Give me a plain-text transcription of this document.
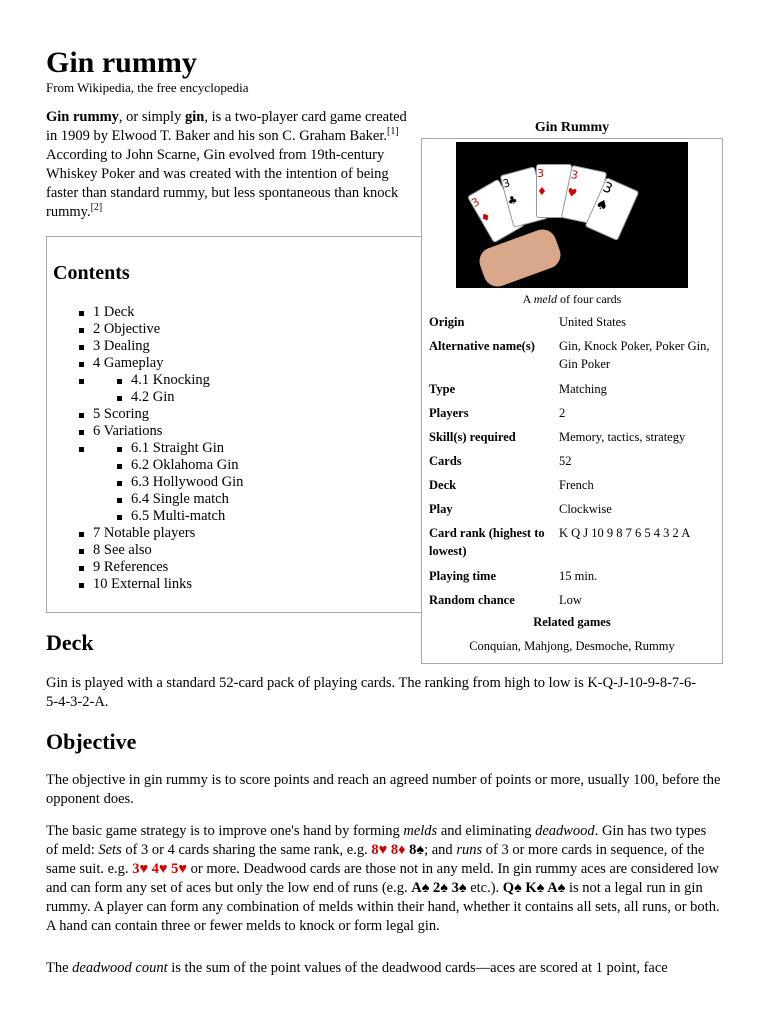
Gin rummy
From Wikipedia, the free encyclopedia

Gin rummy, or simply gin, is a two-player card game created in 1909 by Elwood T. Baker and his son C. Graham Baker.[1] According to John Scarne, Gin evolved from 19th-century Whiskey Poker and was created with the intention of being faster than standard rummy, but less spontaneous than knock rummy.[2]

Contents
1 Deck
2 Objective
3 Dealing
4 Gameplay
4.1 Knocking
4.2 Gin
5 Scoring
6 Variations
6.1 Straight Gin
6.2 Oklahoma Gin
6.3 Hollywood Gin
6.4 Single match
6.5 Multi-match
7 Notable players
8 See also
9 References
10 External links
Gin Rummy
3
♦
3
♣
3
♦
3
♥	3
♠
A meld of four cards
Origin	United States
Alternative name(s)	Gin, Knock Poker, Poker Gin, Gin Poker
Type	Matching
Players	2
Skill(s) required	Memory, tactics, strategy
Cards	52
Deck	French
Play	Clockwise
Card rank (highest to lowest)
K Q J 10 9 8 7 6 5 4 3 2 A
Playing time	15 min.
Random chance	Low
Related games
Conquian, Mahjong, Desmoche, Rummy
Deck

Gin is played with a standard 52-card pack of playing cards. The ranking from high to low is K-Q-J-10-9-8-7-6-5-4-3-2-A.

Objective

The objective in gin rummy is to score points and reach an agreed number of points or more, usually 100, before the opponent does.

The basic game strategy is to improve one's hand by forming melds and eliminating deadwood. Gin has two types of meld: Sets of 3 or 4 cards sharing the same rank, e.g. 8♥ 8♦ 8♠; and runs of 3 or more cards in sequence, of the same suit. e.g. 3♥ 4♥ 5♥ or more. Deadwood cards are those not in any meld. In gin rummy aces are considered low and can form any set of aces but only the low end of runs (e.g. A♠ 2♠ 3♠ etc.). Q♠ K♠ A♠ is not a legal run in gin rummy. A player can form any combination of melds within their hand, whether it contains all sets, all runs, or both. A hand can contain three or fewer melds to knock or form legal gin.

The deadwood count is the sum of the point values of the deadwood cards—aces are scored at 1 point, face
